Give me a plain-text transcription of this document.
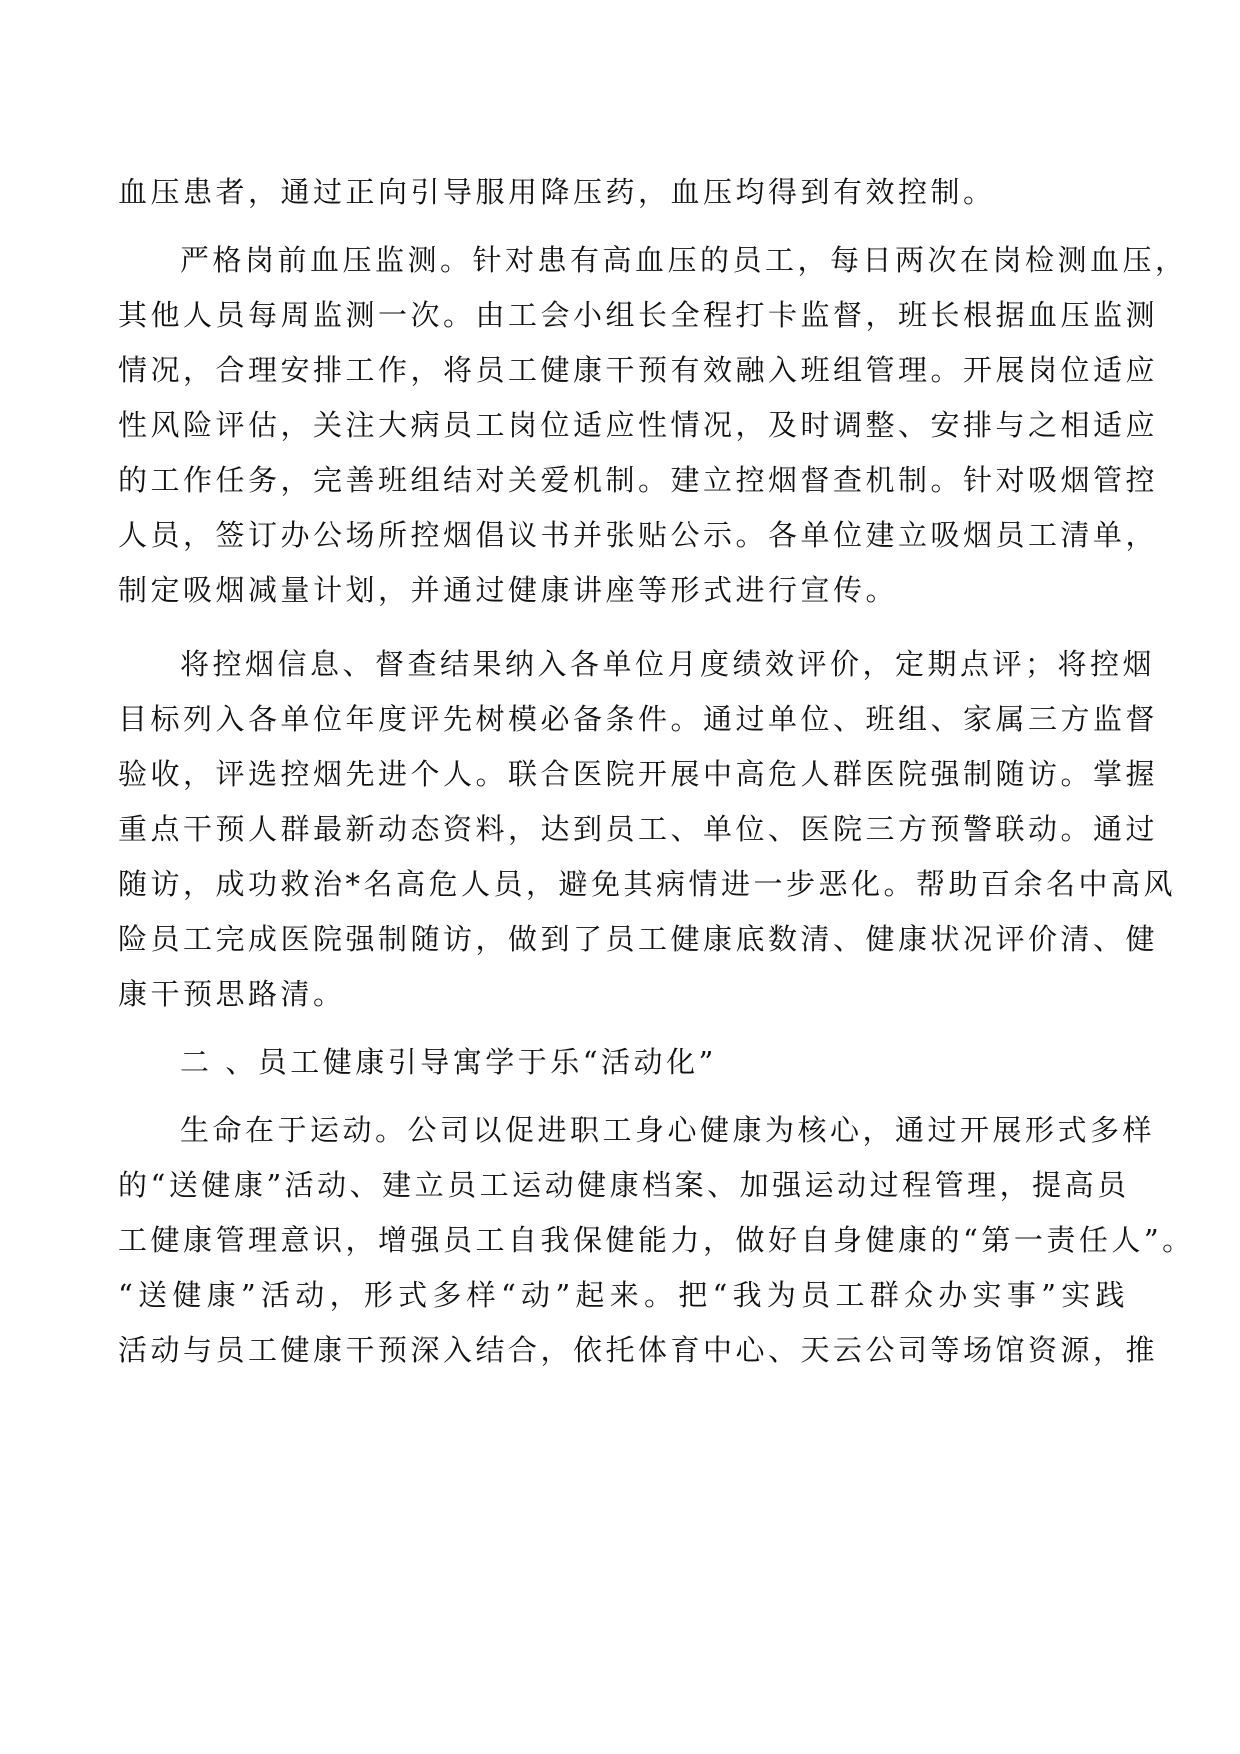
血压患者，通过正向引导服用降压药，血压均得到有效控制。
严格岗前血压监测。针对患有高血压的员工，每日两次在岗检测血压，
其他人员每周监测一次。由工会小组长全程打卡监督，班长根据血压监测
情况，合理安排工作，将员工健康干预有效融入班组管理。开展岗位适应
性风险评估，关注大病员工岗位适应性情况，及时调整、安排与之相适应
的工作任务，完善班组结对关爱机制。建立控烟督查机制。针对吸烟管控
人员，签订办公场所控烟倡议书并张贴公示。各单位建立吸烟员工清单，
制定吸烟减量计划，并通过健康讲座等形式进行宣传。
将控烟信息、督查结果纳入各单位月度绩效评价，定期点评；将控烟
目标列入各单位年度评先树模必备条件。通过单位、班组、家属三方监督
验收，评选控烟先进个人。联合医院开展中高危人群医院强制随访。掌握
重点干预人群最新动态资料，达到员工、单位、医院三方预警联动。通过
随访，成功救治*名高危人员，避免其病情进一步恶化。帮助百余名中高风
险员工完成医院强制随访，做到了员工健康底数清、健康状况评价清、健
康干预思路清。
二 、员工健康引导寓学于乐“活动化”
生命在于运动。公司以促进职工身心健康为核心，通过开展形式多样
的“送健康”活动、建立员工运动健康档案、加强运动过程管理，提高员
工健康管理意识，增强员工自我保健能力，做好自身健康的“第一责任人”。
“送健康”活动，形式多样“动”起来。把“我为员工群众办实事”实践
活动与员工健康干预深入结合，依托体育中心、天云公司等场馆资源，推
